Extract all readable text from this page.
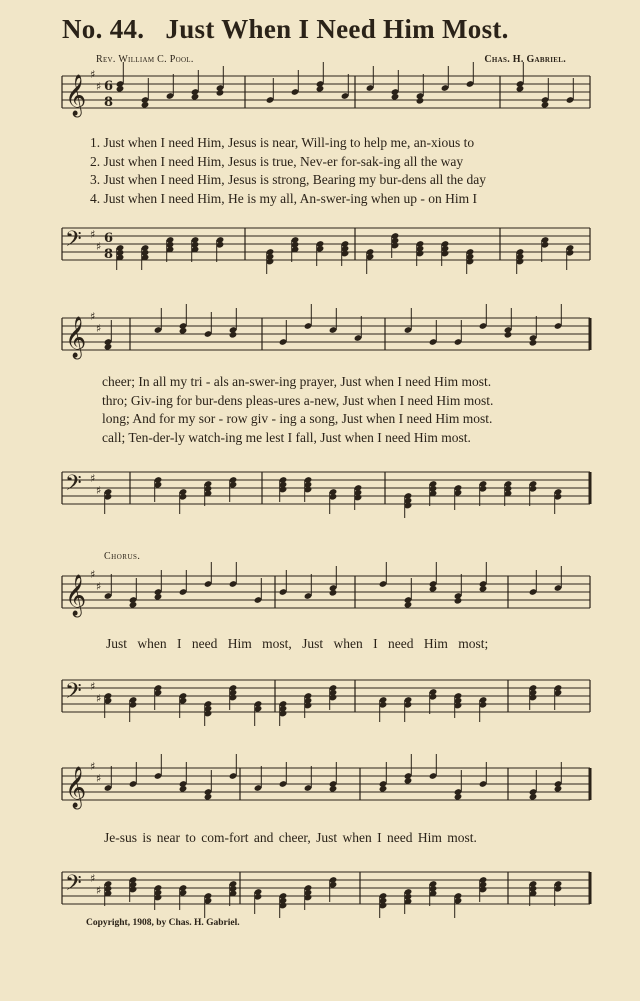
No. 44. Just When I Need Him Most.
Rev. William C. Pool.	Chas. H. Gabriel.
𝄞
♯
♯ 6
8
1. Just when I need Him, Jesus is near, Will-ing to help me, an-xious to
2. Just when I need Him, Jesus is true, Nev-er for-sak-ing all the way
3. Just when I need Him, Jesus is strong, Bearing my bur-dens all the day
4. Just when I need Him, He is my all, An-swer-ing when up - on Him I
𝄢 ♯
♯
6
8
𝄞
♯
♯
cheer; In all my tri - als an-swer-ing prayer, Just when I need Him most.
thro; Giv-ing for bur-dens pleas-ures a-new, Just when I need Him most.
long; And for my sor - row giv - ing a song, Just when I need Him most.
call; Ten-der-ly watch-ing me lest I fall, Just when I need Him most.
𝄢 ♯
♯
Chorus.
𝄞
♯
♯
Just when I need Him most, Just when I need Him most;
𝄢 ♯
♯
𝄞
♯
♯
Je-sus is near to com-fort and cheer, Just when I need Him most.
𝄢 ♯
♯
Copyright, 1908, by Chas. H. Gabriel.
